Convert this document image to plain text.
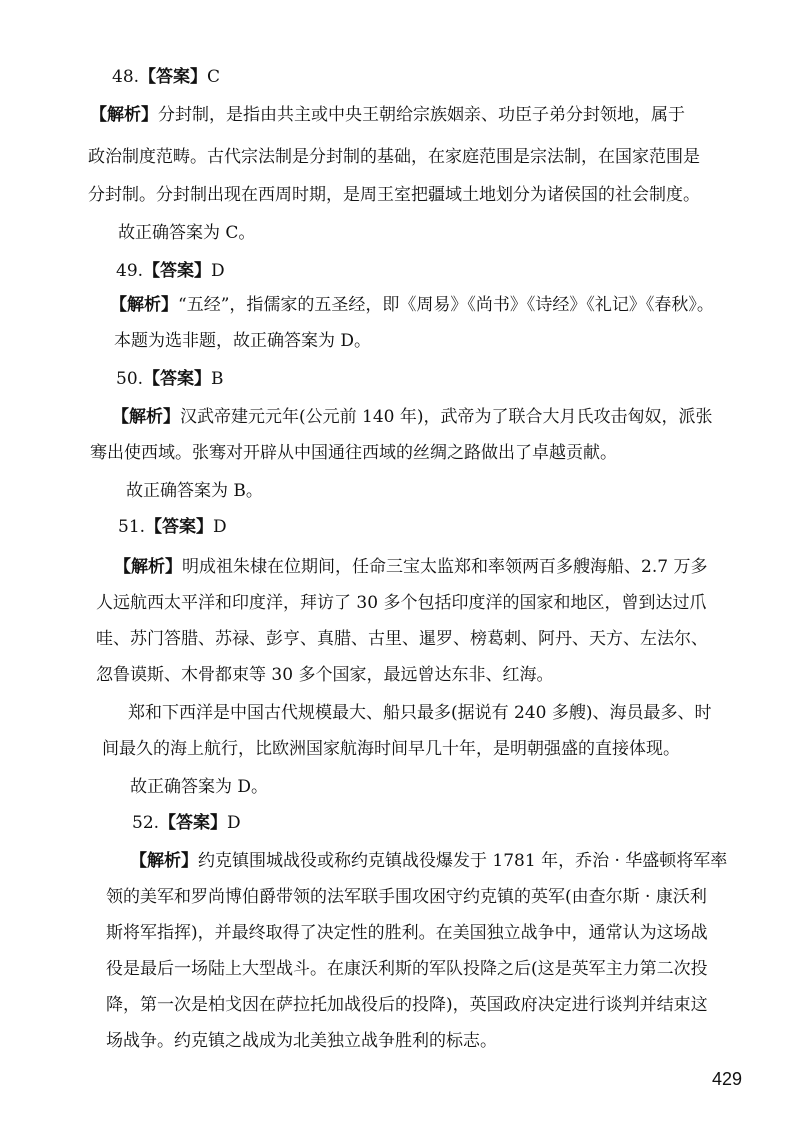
48.【答案】C
【解析】分封制，是指由共主或中央王朝给宗族姻亲、功臣子弟分封领地，属于
政治制度范畴。古代宗法制是分封制的基础，在家庭范围是宗法制，在国家范围是
分封制。分封制出现在西周时期，是周王室把疆域土地划分为诸侯国的社会制度。
故正确答案为 C。
49.【答案】D
【解析】“五经”，指儒家的五圣经，即《周易》《尚书》《诗经》《礼记》《春秋》。
本题为选非题，故正确答案为 D。
50.【答案】B
【解析】汉武帝建元元年(公元前 140 年)，武帝为了联合大月氏攻击匈奴，派张
骞出使西域。张骞对开辟从中国通往西域的丝绸之路做出了卓越贡献。
故正确答案为 B。
51.【答案】D
【解析】明成祖朱棣在位期间，任命三宝太监郑和率领两百多艘海船、2.7 万多
人远航西太平洋和印度洋，拜访了 30 多个包括印度洋的国家和地区，曾到达过爪
哇、苏门答腊、苏禄、彭亨、真腊、古里、暹罗、榜葛剌、阿丹、天方、左法尔、
忽鲁谟斯、木骨都束等 30 多个国家，最远曾达东非、红海。
郑和下西洋是中国古代规模最大、船只最多(据说有 240 多艘)、海员最多、时
间最久的海上航行，比欧洲国家航海时间早几十年，是明朝强盛的直接体现。
故正确答案为 D。
52.【答案】D
【解析】约克镇围城战役或称约克镇战役爆发于 1781 年，乔治 · 华盛顿将军率
领的美军和罗尚博伯爵带领的法军联手围攻困守约克镇的英军(由查尔斯 · 康沃利
斯将军指挥)，并最终取得了决定性的胜利。在美国独立战争中，通常认为这场战
役是最后一场陆上大型战斗。在康沃利斯的军队投降之后(这是英军主力第二次投
降，第一次是柏戈因在萨拉托加战役后的投降)，英国政府决定进行谈判并结束这
场战争。约克镇之战成为北美独立战争胜利的标志。
429
